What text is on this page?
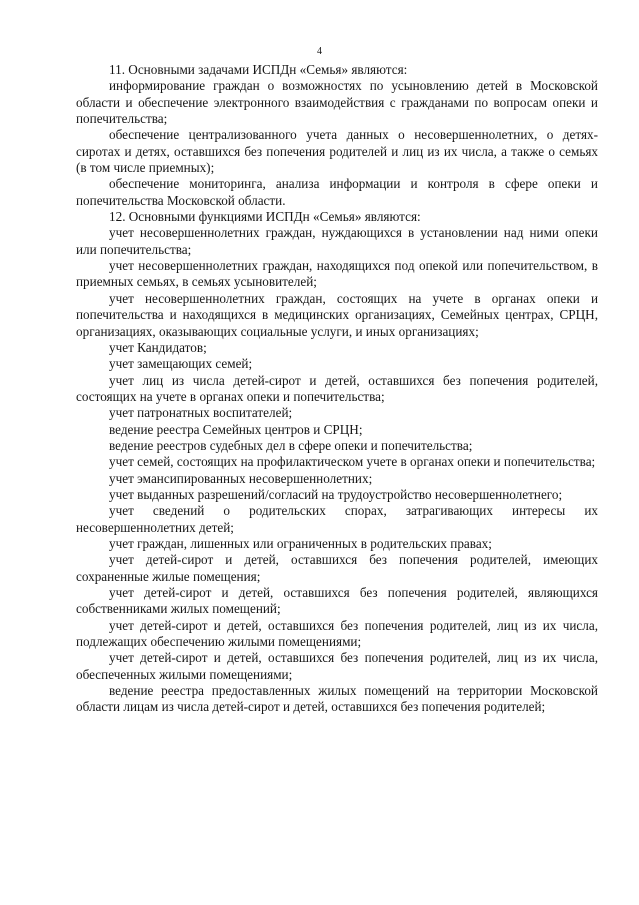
4

11. Основными задачами ИСПДн «Семья» являются:

информирование граждан о возможностях по усыновлению детей в Московской области и обеспечение электронного взаимодействия с гражданами по вопросам опеки и попечительства;

обеспечение централизованного учета данных о несовершеннолетних, о детях-сиротах и детях, оставшихся без попечения родителей и лиц из их числа, а также о семьях (в том числе приемных);

обеспечение мониторинга, анализа информации и контроля в сфере опеки и попечительства Московской области.

12. Основными функциями ИСПДн «Семья» являются:

учет несовершеннолетних граждан, нуждающихся в установлении над ними опеки или попечительства;

учет несовершеннолетних граждан, находящихся под опекой или попечительством, в приемных семьях, в семьях усыновителей;

учет несовершеннолетних граждан, состоящих на учете в органах опеки и попечительства и находящихся в медицинских организациях, Семейных центрах, СРЦН, организациях, оказывающих социальные услуги, и иных организациях;

учет Кандидатов;

учет замещающих семей;

учет лиц из числа детей-сирот и детей, оставшихся без попечения родителей, состоящих на учете в органах опеки и попечительства;

учет патронатных воспитателей;

ведение реестра Семейных центров и СРЦН;

ведение реестров судебных дел в сфере опеки и попечительства;

учет семей, состоящих на профилактическом учете в органах опеки и попечительства;

учет эмансипированных несовершеннолетних;

учет выданных разрешений/согласий на трудоустройство несовершеннолетнего;

учет сведений о родительских спорах, затрагивающих интересы их несовершеннолетних детей;

учет граждан, лишенных или ограниченных в родительских правах;

учет детей-сирот и детей, оставшихся без попечения родителей, имеющих сохраненные жилые помещения;

учет детей-сирот и детей, оставшихся без попечения родителей, являющихся собственниками жилых помещений;

учет детей-сирот и детей, оставшихся без попечения родителей, лиц из их числа, подлежащих обеспечению жилыми помещениями;

учет детей-сирот и детей, оставшихся без попечения родителей, лиц из их числа, обеспеченных жилыми помещениями;

ведение реестра предоставленных жилых помещений на территории Московской области лицам из числа детей-сирот и детей, оставшихся без попечения родителей;
